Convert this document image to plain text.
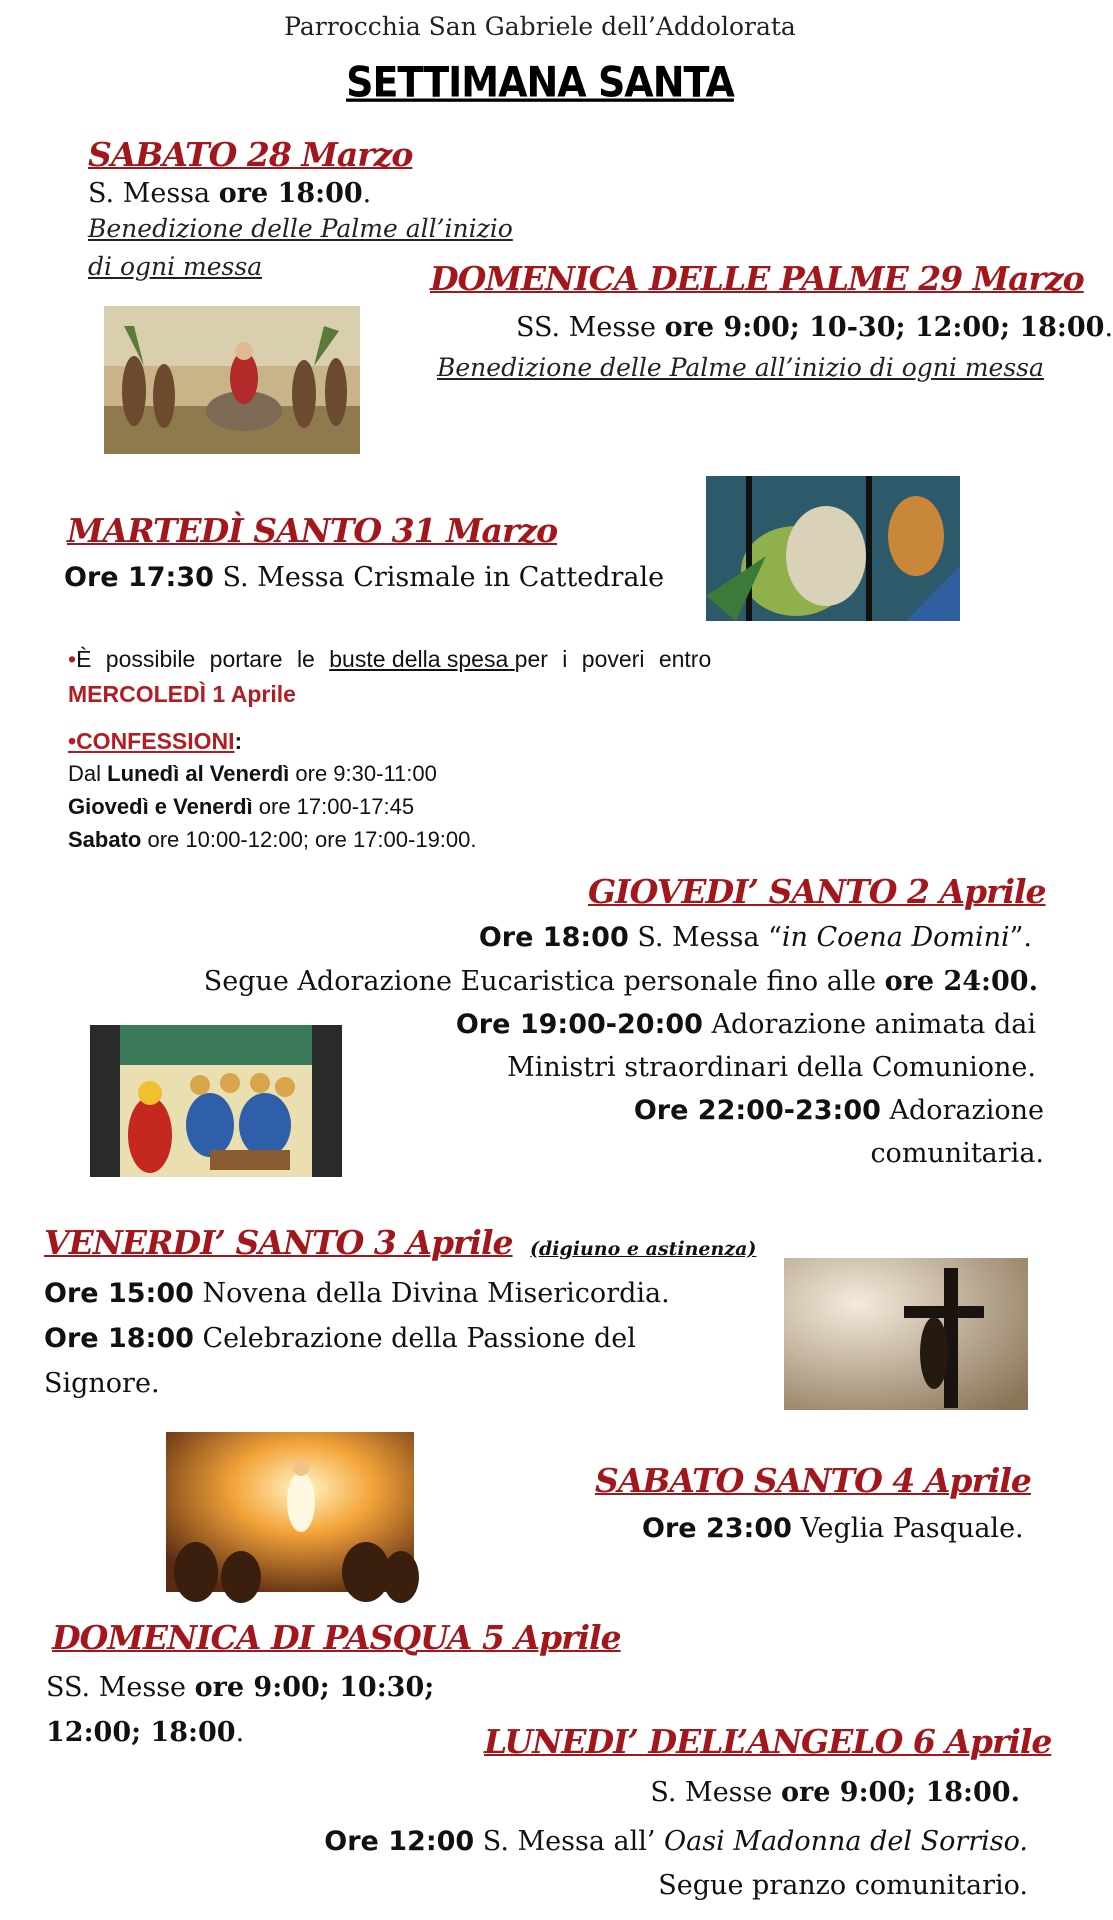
Parrocchia San Gabriele dell’Addolorata
SETTIMANA SANTA
SABATO 28 Marzo
S. Messa ore 18:00.
Benedizione delle Palme all’inizio
di ogni messa	DOMENICA DELLE PALME 29 Marzo
SS. Messe ore 9:00; 10-30; 12:00; 18:00.
Benedizione delle Palme all’inizio di ogni messa
MARTEDÌ SANTO 31 Marzo
Ore 17:30 S. Messa Crismale in Cattedrale
•È possibile portare le buste della spesa per i poveri entro
MERCOLEDÌ 1 Aprile
•CONFESSIONI:
Dal Lunedì al Venerdì ore 9:30-11:00
Giovedì e Venerdì ore 17:00-17:45
Sabato ore 10:00-12:00; ore 17:00-19:00.
GIOVEDI’ SANTO 2 Aprile
Ore 18:00 S. Messa “in Coena Domini”.
Segue Adorazione Eucaristica personale fino alle ore 24:00.
Ore 19:00-20:00 Adorazione animata dai
Ministri straordinari della Comunione.
Ore 22:00-23:00 Adorazione
comunitaria.
VENERDI’ SANTO 3 Aprile (digiuno e astinenza)
Ore 15:00 Novena della Divina Misericordia.
Ore 18:00 Celebrazione della Passione del
Signore.
SABATO SANTO 4 Aprile
Ore 23:00 Veglia Pasquale.
DOMENICA DI PASQUA 5 Aprile
SS. Messe ore 9:00; 10:30;
12:00; 18:00.	LUNEDI’ DELL’ANGELO 6 Aprile
S. Messe ore 9:00; 18:00.
Ore 12:00 S. Messa all’ Oasi Madonna del Sorriso.
Segue pranzo comunitario.
